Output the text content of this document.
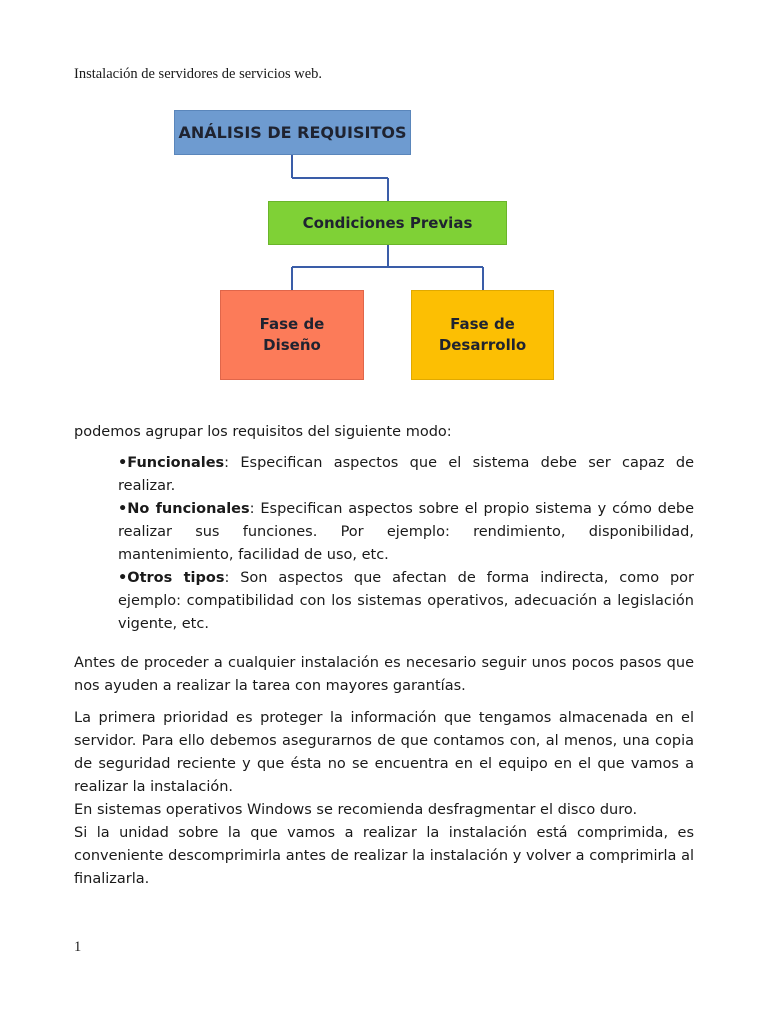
Instalación de servidores de servicios web.
ANÁLISIS DE REQUISITOS
Condiciones Previas
Fase de
Diseño
Fase de
Desarrollo
podemos agrupar los requisitos del siguiente modo:

•Funcionales: Especifican aspectos que el sistema debe ser capaz de realizar.

•No funcionales: Especifican aspectos sobre el propio sistema y cómo debe realizar sus funciones. Por ejemplo: rendimiento, disponibilidad, mantenimiento, facilidad de uso, etc.

•Otros tipos: Son aspectos que afectan de forma indirecta, como por ejemplo: compatibilidad con los sistemas operativos, adecuación a legislación vigente, etc.

Antes de proceder a cualquier instalación es necesario seguir unos pocos pasos que nos ayuden a realizar la tarea con mayores garantías.

La primera prioridad es proteger la información que tengamos almacenada en el servidor. Para ello debemos asegurarnos de que contamos con, al menos, una copia de seguridad reciente y que ésta no se encuentra en el equipo en el que vamos a realizar la instalación.

En sistemas operativos Windows se recomienda desfragmentar el disco duro.

Si la unidad sobre la que vamos a realizar la instalación está comprimida, es conveniente descomprimirla antes de realizar la instalación y volver a comprimirla al finalizarla.

1
